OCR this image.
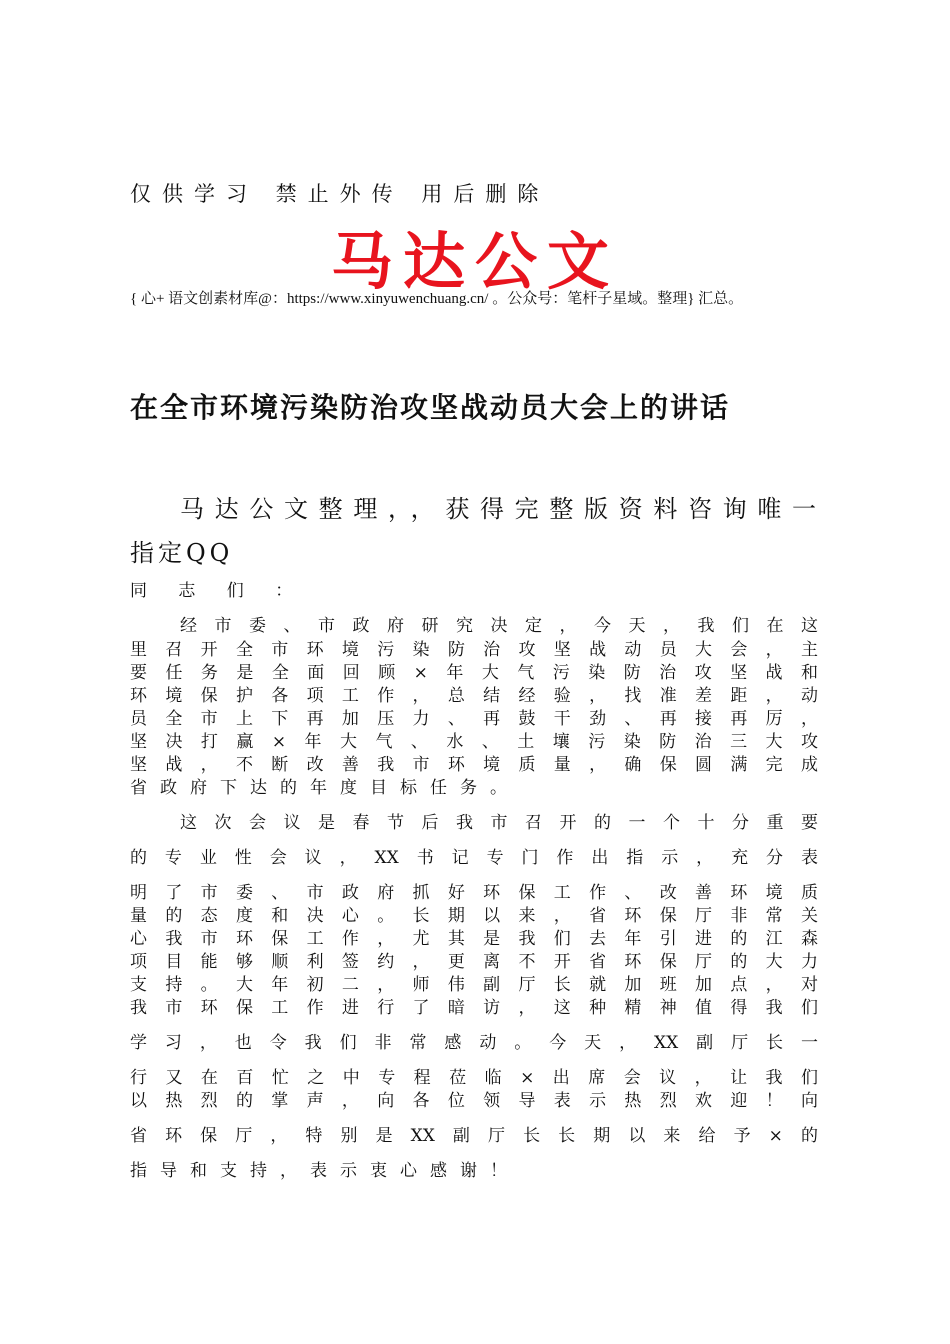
仅供学习 禁止外传 用后删除
马达公文
{ 心+ 语文创素材库@：https://www.xinyuwenchuang.cn/ 。公众号：笔杆子星域。整理} 汇总。
在全市环境污染防治攻坚战动员大会上的讲话
马达公文整理，，获得完整版资料咨询唯一
指定QQ
同 志 们 ：
经市委、市政府研究决定，今天，我们在这
里召开全市环境污染防治攻坚战动员大会，主
要任务是全面回顾×年大气污染防治攻坚战和
环境保护各项工作，总结经验，找准差距，动
员全市上下再加压力、再鼓干劲、再接再厉，
坚决打赢×年大气、水、土壤污染防治三大攻
坚战，不断改善我市环境质量，确保圆满完成
省政府下达的年度目标任务。
这次会议是春节后我市召开的一个十分重要
的专业性会议，XX书记专门作出指示，充分表
明了市委、市政府抓好环保工作、改善环境质
量的态度和决心。长期以来，省环保厅非常关
心我市环保工作，尤其是我们去年引进的江森
项目能够顺利签约，更离不开省环保厅的大力
支持。大年初二，师伟副厅长就加班加点，对
我市环保工作进行了暗访，这种精神值得我们
学习，也令我们非常感动。今天，XX副厅长一
行又在百忙之中专程莅临×出席会议，让我们
以热烈的掌声，向各位领导表示热烈欢迎！向
省环保厅，特别是XX副厅长长期以来给予×的
指导和支持，表示衷心感谢！
